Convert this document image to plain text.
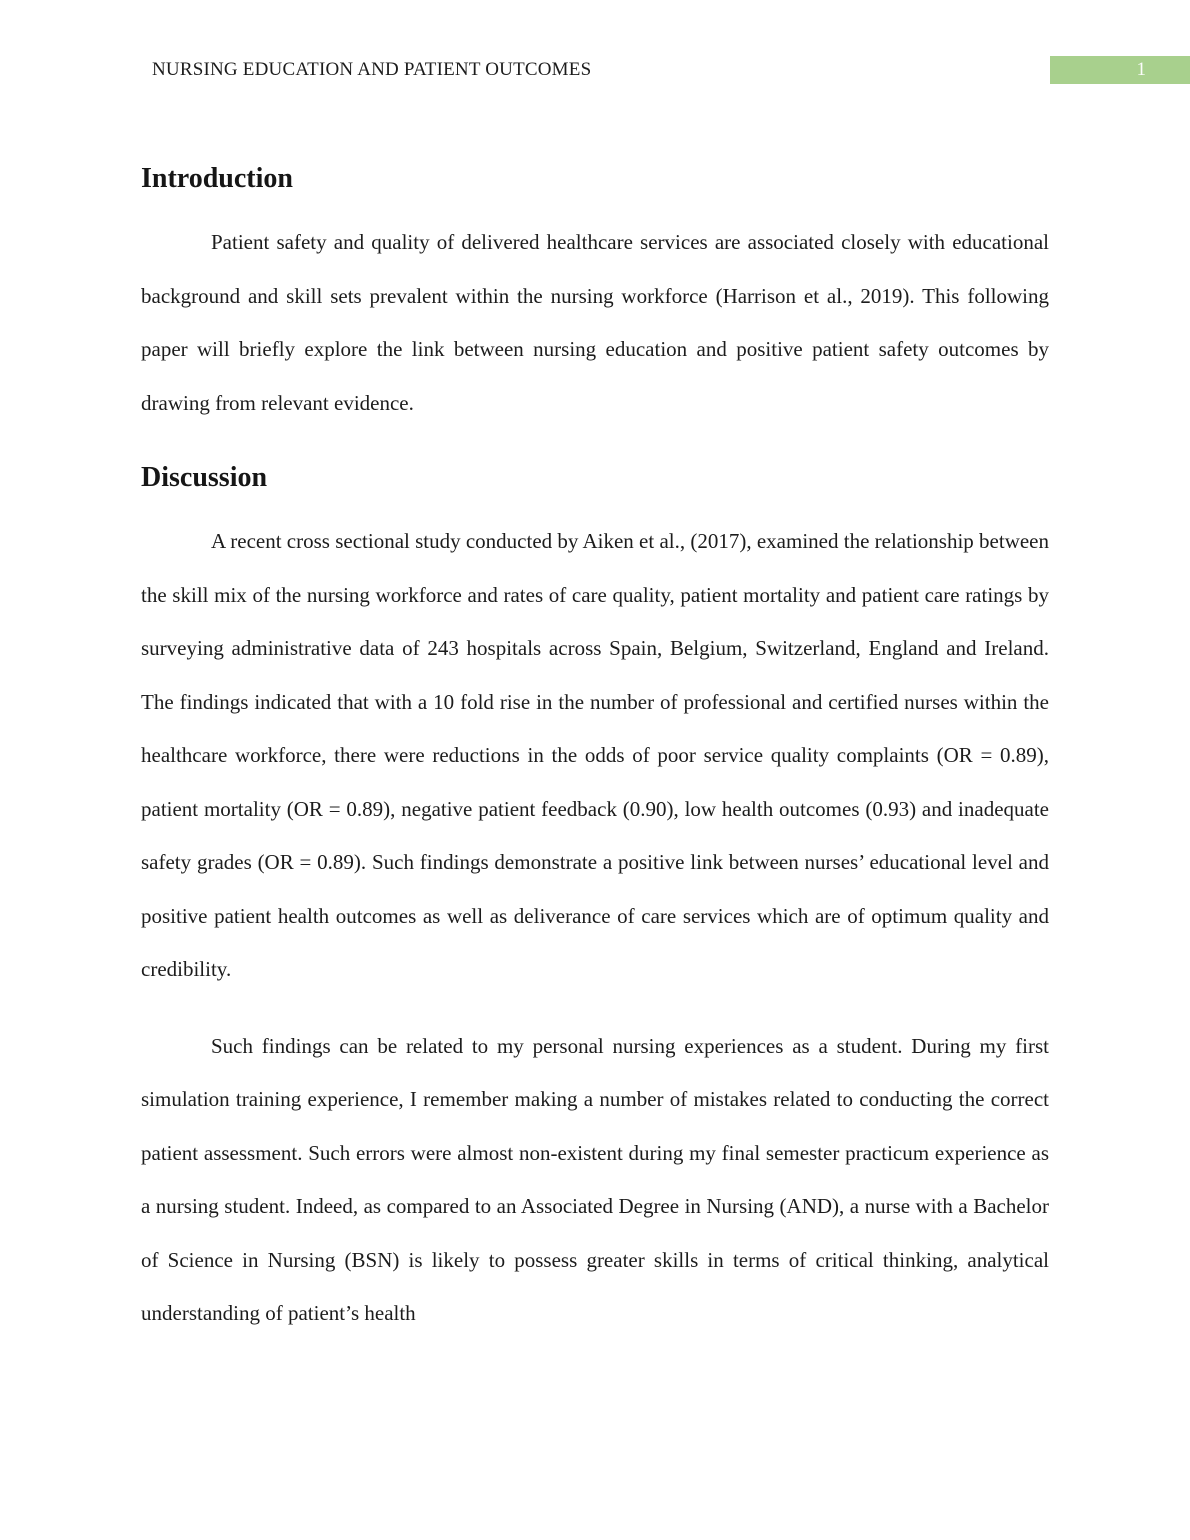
NURSING EDUCATION AND PATIENT OUTCOMES	1
Introduction

Patient safety and quality of delivered healthcare services are associated closely with educational background and skill sets prevalent within the nursing workforce (Harrison et al., 2019). This following paper will briefly explore the link between nursing education and positive patient safety outcomes by drawing from relevant evidence.

Discussion

A recent cross sectional study conducted by Aiken et al., (2017), examined the relationship between the skill mix of the nursing workforce and rates of care quality, patient mortality and patient care ratings by surveying administrative data of 243 hospitals across Spain, Belgium, Switzerland, England and Ireland. The findings indicated that with a 10 fold rise in the number of professional and certified nurses within the healthcare workforce, there were reductions in the odds of poor service quality complaints (OR = 0.89), patient mortality (OR = 0.89), negative patient feedback (0.90), low health outcomes (0.93) and inadequate safety grades (OR = 0.89). Such findings demonstrate a positive link between nurses’ educational level and positive patient health outcomes as well as deliverance of care services which are of optimum quality and credibility.

Such findings can be related to my personal nursing experiences as a student. During my first simulation training experience, I remember making a number of mistakes related to conducting the correct patient assessment. Such errors were almost non-existent during my final semester practicum experience as a nursing student. Indeed, as compared to an Associated Degree in Nursing (AND), a nurse with a Bachelor of Science in Nursing (BSN) is likely to possess greater skills in terms of critical thinking, analytical understanding of patient’s health
